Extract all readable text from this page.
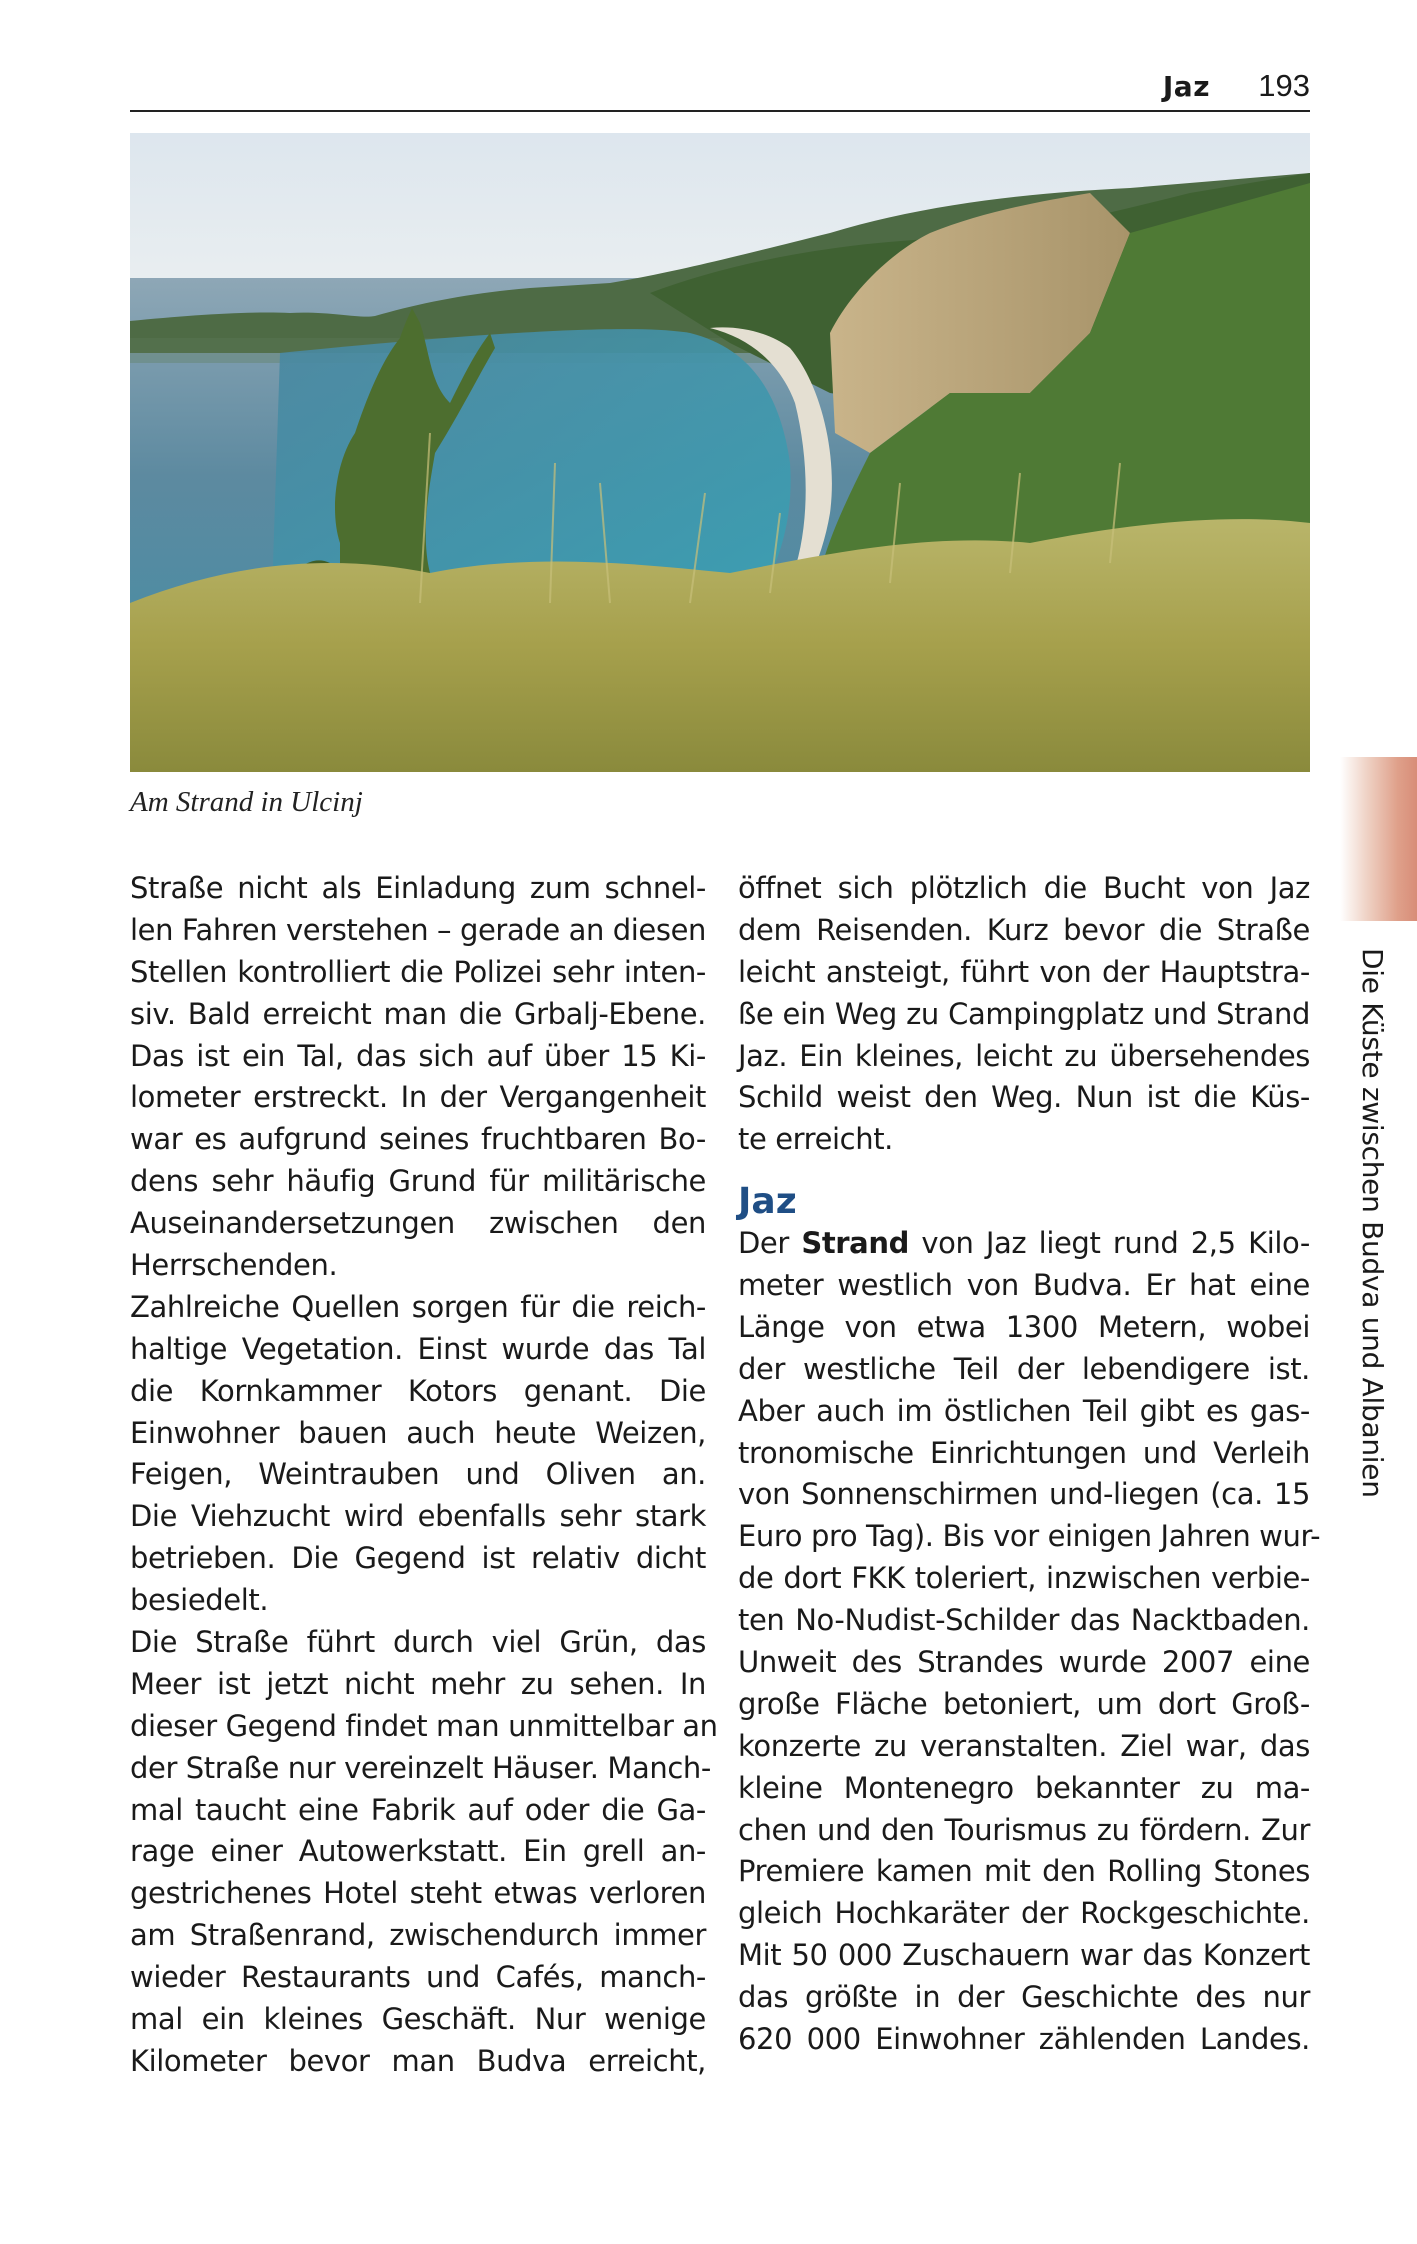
Jaz 193
Am Strand in Ulcinj
Straße nicht als Einladung zum schnel-
len Fahren verstehen – gerade an diesen
Stellen kontrolliert die Polizei sehr inten-
siv. Bald erreicht man die Grbalj-Ebene.
Das ist ein Tal, das sich auf über 15 Ki-
lometer erstreckt. In der Vergangenheit
war es aufgrund seines fruchtbaren Bo-
dens sehr häufig Grund für militärische
Auseinandersetzungen zwischen den
Herrschenden.
Zahlreiche Quellen sorgen für die reich-
haltige Vegetation. Einst wurde das Tal
die Kornkammer Kotors genant. Die
Einwohner bauen auch heute Weizen,
Feigen, Weintrauben und Oliven an.
Die Viehzucht wird ebenfalls sehr stark
betrieben. Die Gegend ist relativ dicht
besiedelt.
Die Straße führt durch viel Grün, das
Meer ist jetzt nicht mehr zu sehen. In
dieser Gegend findet man unmittelbar an
der Straße nur vereinzelt Häuser. Manch-
mal taucht eine Fabrik auf oder die Ga-
rage einer Autowerkstatt. Ein grell an-
gestrichenes Hotel steht etwas verloren
am Straßenrand, zwischendurch immer
wieder Restaurants und Cafés, manch-
mal ein kleines Geschäft. Nur wenige
Kilometer bevor man Budva erreicht,
öffnet sich plötzlich die Bucht von Jaz
dem Reisenden. Kurz bevor die Straße
leicht ansteigt, führt von der Hauptstra-
ße ein Weg zu Campingplatz und Strand
Jaz. Ein kleines, leicht zu übersehendes
Schild weist den Weg. Nun ist die Küs-
te erreicht.
Jaz
Der Strand von Jaz liegt rund 2,5 Kilo-
meter westlich von Budva. Er hat eine
Länge von etwa 1300 Metern, wobei
der westliche Teil der lebendigere ist.
Aber auch im östlichen Teil gibt es gas-
tronomische Einrichtungen und Verleih
von Sonnenschirmen und-liegen (ca. 15
Euro pro Tag). Bis vor einigen Jahren wur-
de dort FKK toleriert, inzwischen verbie-
ten No-Nudist-Schilder das Nacktbaden.
Unweit des Strandes wurde 2007 eine
große Fläche betoniert, um dort Groß-
konzerte zu veranstalten. Ziel war, das
kleine Montenegro bekannter zu ma-
chen und den Tourismus zu fördern. Zur
Premiere kamen mit den Rolling Stones
gleich Hochkaräter der Rockgeschichte.
Mit 50 000 Zuschauern war das Konzert
das größte in der Geschichte des nur
620 000 Einwohner zählenden Landes.
Die Küste zwischen Budva und Albanien
